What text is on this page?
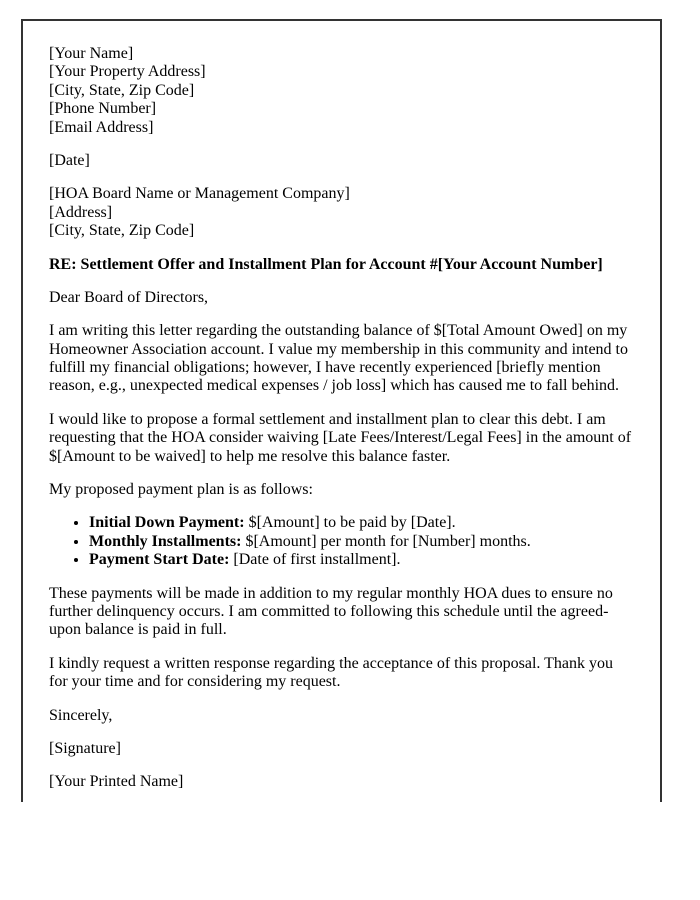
[Your Name]
[Your Property Address]
[City, State, Zip Code]
[Phone Number]
[Email Address]
[Date]
[HOA Board Name or Management Company]
[Address]
[City, State, Zip Code]

RE: Settlement Offer and Installment Plan for Account #[Your Account Number]

Dear Board of Directors,

I am writing this letter regarding the outstanding balance of $[Total Amount Owed] on my Homeowner Association account. I value my membership in this community and intend to fulfill my financial obligations; however, I have recently experienced [briefly mention reason, e.g., unexpected medical expenses / job loss] which has caused me to fall behind.

I would like to propose a formal settlement and installment plan to clear this debt. I am requesting that the HOA consider waiving [Late Fees/Interest/Legal Fees] in the amount of $[Amount to be waived] to help me resolve this balance faster.

My proposed payment plan is as follows:

• Initial Down Payment: $[Amount] to be paid by [Date].
• Monthly Installments: $[Amount] per month for [Number] months.
• Payment Start Date: [Date of first installment].

These payments will be made in addition to my regular monthly HOA dues to ensure no further delinquency occurs. I am committed to following this schedule until the agreed-upon balance is paid in full.

I kindly request a written response regarding the acceptance of this proposal. Thank you for your time and for considering my request.

Sincerely,

[Signature]

[Your Printed Name]
